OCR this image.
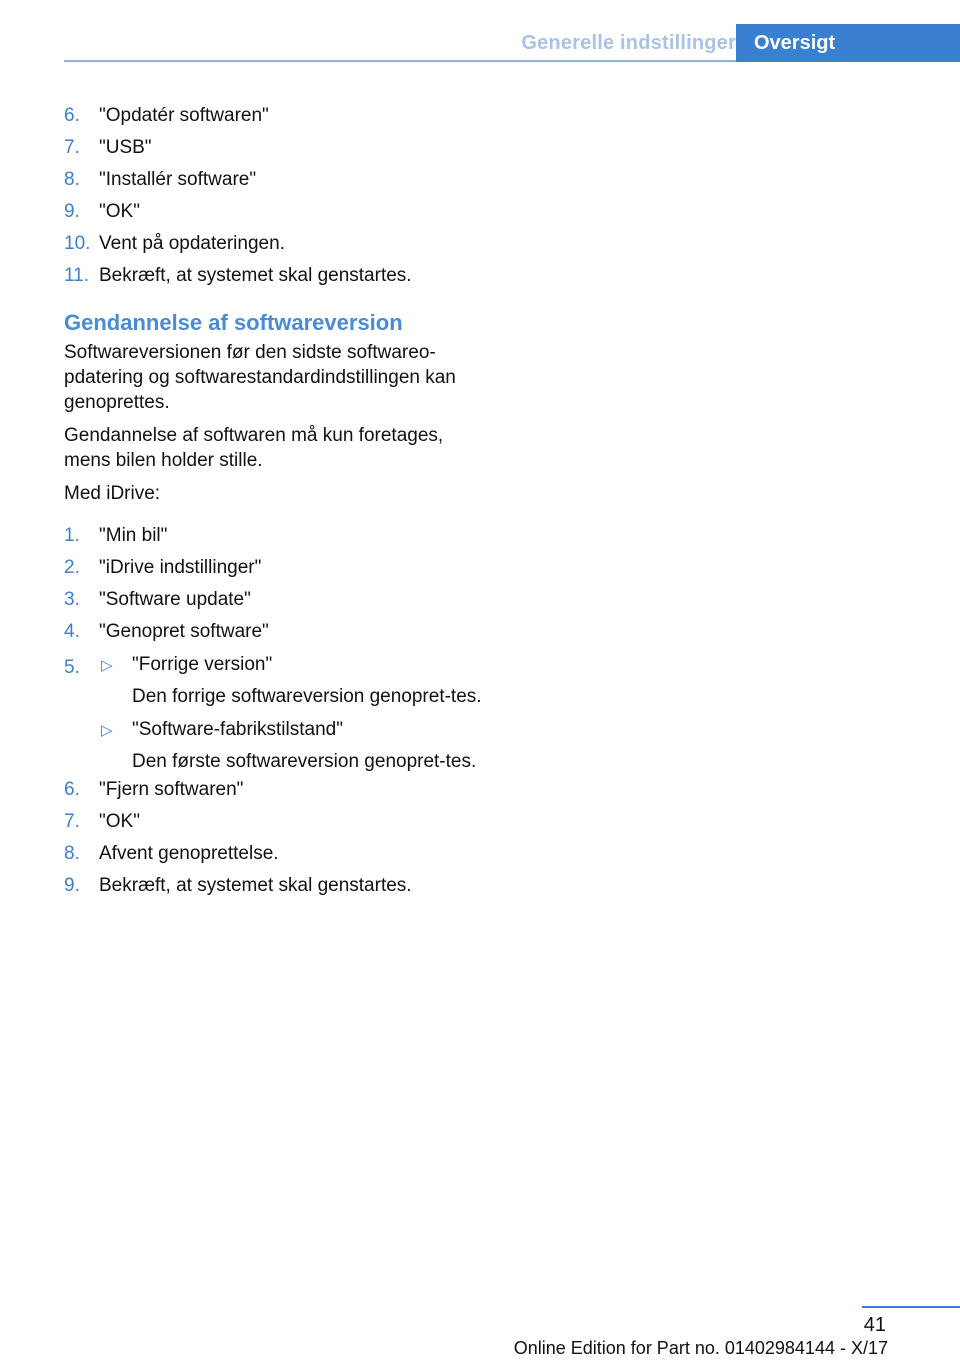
Generelle indstillinger Oversigt
6. "Opdatér softwaren"
7. "USB"
8. "Installér software"
9. "OK"
10. Vent på opdateringen.
11. Bekræft, at systemet skal genstartes.
Gendannelse af softwareversion

Softwareversionen før den sidste softwareo-pdatering og softwarestandardindstillingen kan genoprettes.

Gendannelse af softwaren må kun foretages, mens bilen holder stille.

Med iDrive:

1. "Min bil"
2. "iDrive indstillinger"
3. "Software update"
4. "Genopret software"
5. ▷ "Forrige version"
Den forrige softwareversion genopret-tes.
▷ "Software-fabrikstilstand"
Den første softwareversion genopret-tes.
6. "Fjern softwaren"
7. "OK"
8. Afvent genoprettelse.
9. Bekræft, at systemet skal genstartes.
41
Online Edition for Part no. 01402984144 - X/17
